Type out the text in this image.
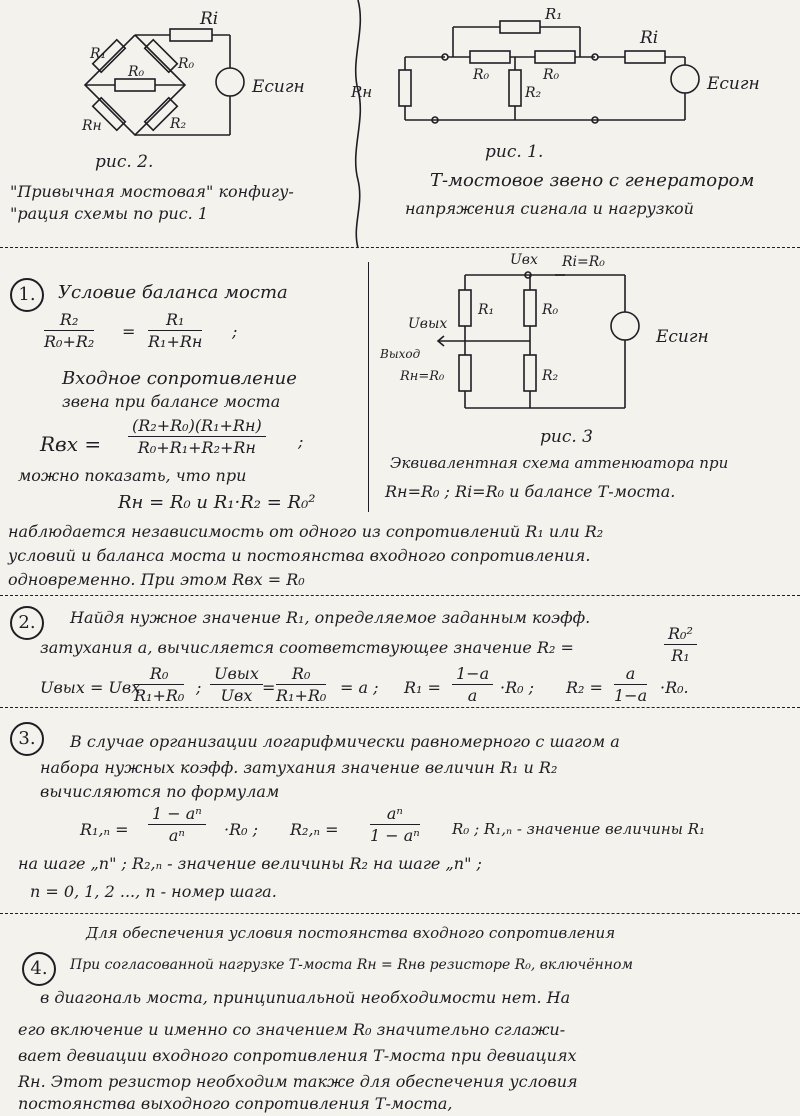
Ri
R₁
R₀ R₀
Rн	R₂
Eсигн
рис. 2.
"Привычная мостовая" конфигу-
"рация схемы по рис. 1
R₁
Ri
R₀	R₀
R₂
Rн	Eсигн
рис. 1.
Т-мостовое звено с генератором
напряжения сигнала и нагрузкой
Uвх Ri=R₀
R₁	R₀
R₂
Rн=R₀
Uвых
Выход
Eсигн
рис. 3
Эквивалентная схема аттенюатора при
Rн=R₀ ; Ri=R₀ и балансе Т-моста.
1.	Условие баланса моста
$\frac{\text{R₂}}{\text{R₀+R₂}}$ =
R₁
R₁+Rн
;
Входное сопротивление
звена при балансе моста
Rвх =
(R₂+R₀)(R₁+Rн)
R₀+R₁+R₂+Rн	;
можно показать, что при
Rн = R₀ и R₁·R₂ = R₀²
наблюдается независимость от одного из сопротивлений R₁ или R₂
условий и баланса моста и постоянства входного сопротивления.
одновременно. При этом Rвх = R₀
2.	Найдя нужное значение R₁, определяемое заданным коэфф.
затухания a, вычисляется соответствующее значение R₂ =	$\frac{\text{R₀²}}{\text{R₁}}$
Uвых = Uвх
$\frac{\text{R₀}}{\text{R₁+R₀}}$ ;
Uвых
Uвх = $\frac{\text{R₀}}{\text{R₁+R₀}} = a$ ; $R_1 = \frac{1-a}{a} \cdot R_0$ ; $R_2 = \frac{a}{1-a} \cdot R_0$.
3.	В случае организации логарифмически равномерного с шагом a
набора нужных коэфф. затухания значение величин R₁ и R₂
вычисляются по формулам
$R_1,_n = \frac{\text{1 − aⁿ}}{\text{aⁿ}} \cdot R_0$ ; $R_2,_n = \frac{\text{aⁿ}}{\text{1 − aⁿ}} R_0$ ; R₁,ₙ - значение величины R₁
на шаге „n" ; R₂,ₙ - значение величины R₂ на шаге „n" ;
n = 0, 1, 2 ..., n - номер шага.
Для обеспечения условия постоянства входного сопротивления
4.	При согласованной нагрузке Т-моста Rн = Rнв резисторе R₀, включённом
в диагональ моста, принципиальной необходимости нет. На
его включение и именно со значением R₀ значительно сглажи-
вает девиации входного сопротивления Т-моста при девиациях
Rн. Этот резистор необходим также для обеспечения условия
постоянства выходного сопротивления Т-моста,
